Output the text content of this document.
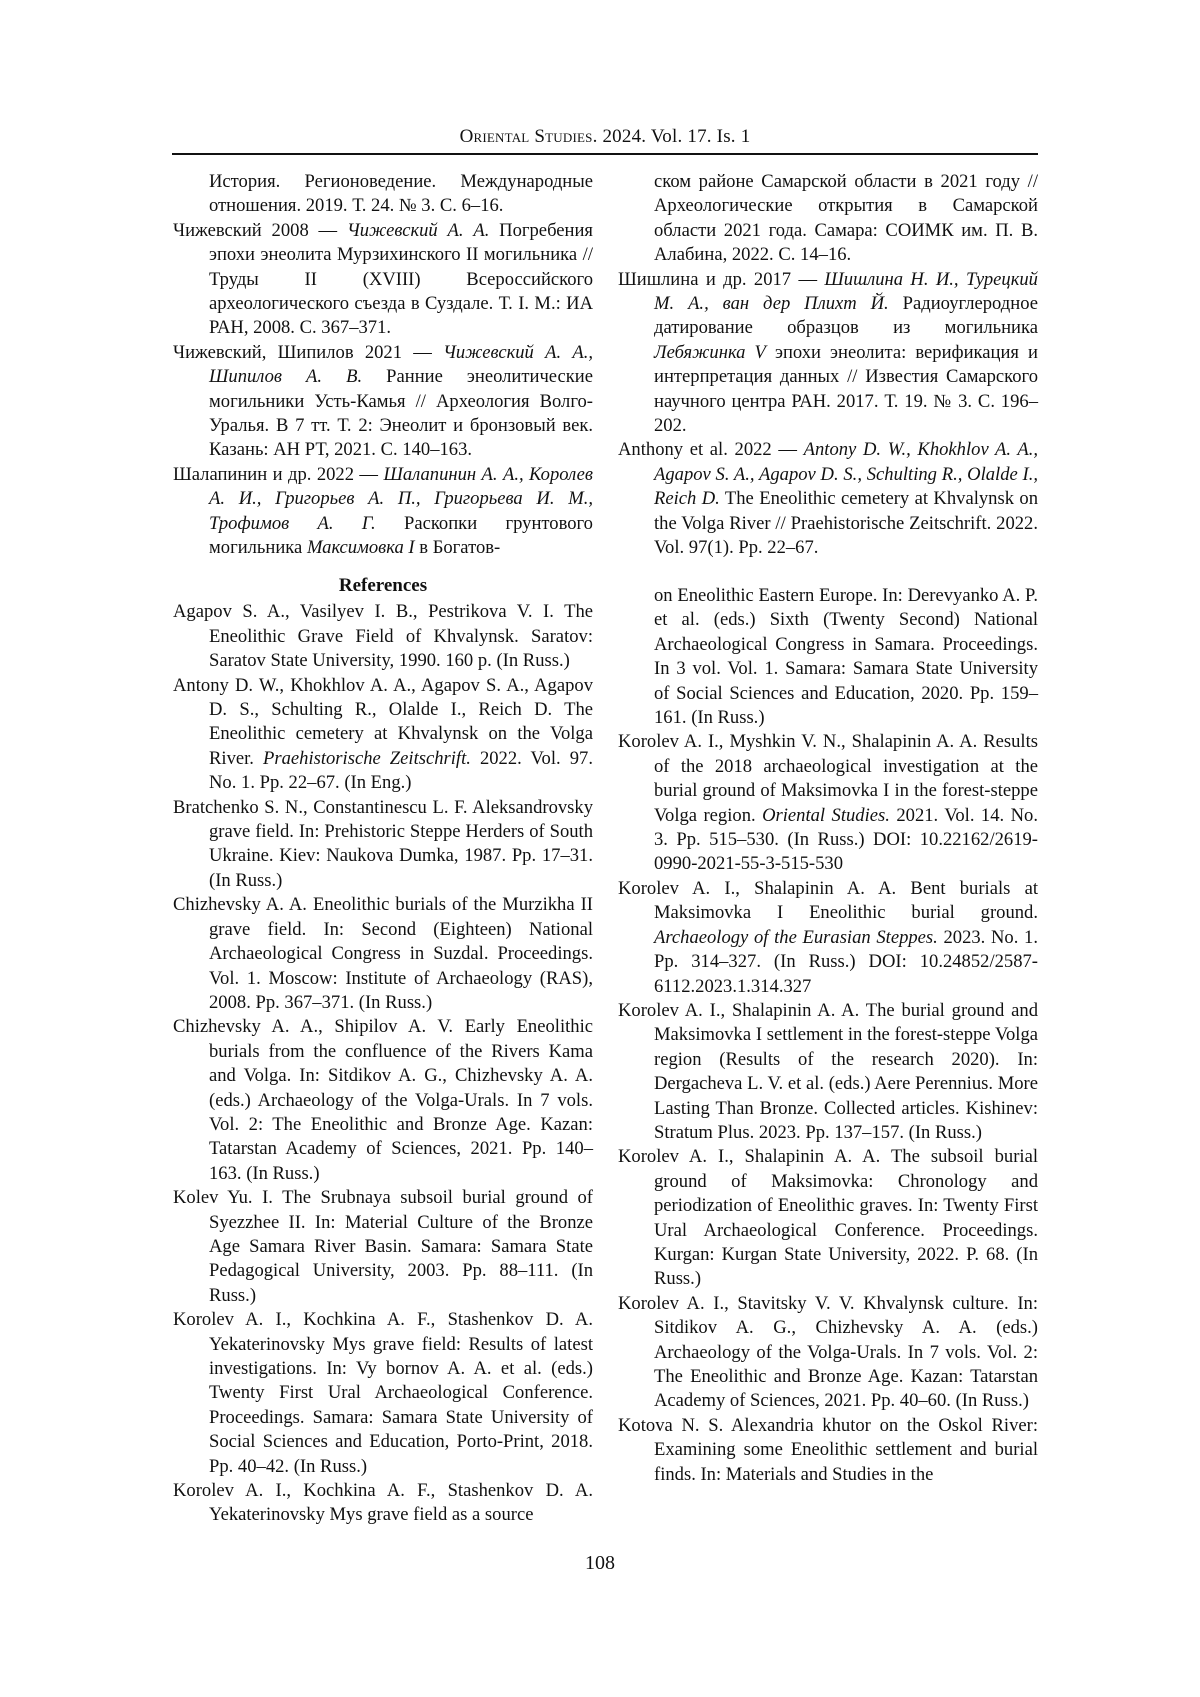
Oriental Studies. 2024. Vol. 17. Is. 1

История. Регионоведение. Международные отношения. 2019. Т. 24. № 3. С. 6–16.

Чижевский 2008 — Чижевский А. А. Погребения эпохи энеолита Мурзихинского II могильника // Труды II (XVIII) Всероссийского археологического съезда в Суздале. Т. I. М.: ИА РАН, 2008. С. 367–371.

Чижевский, Шипилов 2021 — Чижевский А. А., Шипилов А. В. Ранние энеолитические могильники Усть-Камья // Археология Волго-Уралья. В 7 тт. Т. 2: Энеолит и бронзовый век. Казань: АН РТ, 2021. С. 140–163.

Шалапинин и др. 2022 — Шалапинин А. А., Королев А. И., Григорьев А. П., Григорьева И. М., Трофимов А. Г. Раскопки грунтового могильника Максимовка I в Богатов-

ском районе Самарской области в 2021 году // Археологические открытия в Самарской области 2021 года. Самара: СОИМК им. П. В. Алабина, 2022. С. 14–16.

Шишлина и др. 2017 — Шишлина Н. И., Турецкий М. А., ван дер Плихт Й. Радиоуглеродное датирование образцов из могильника Лебяжинка V эпохи энеолита: верификация и интерпретация данных // Известия Самарского научного центра РАН. 2017. Т. 19. № 3. С. 196–202.

Anthony et al. 2022 — Antony D. W., Khokhlov A. A., Agapov S. A., Agapov D. S., Schulting R., Olalde I., Reich D. The Eneolithic cemetery at Khvalynsk on the Volga River // Praehistorische Zeitschrift. 2022. Vol. 97(1). Pp. 22–67.

References

Agapov S. A., Vasilyev I. B., Pestrikova V. I. The Eneolithic Grave Field of Khvalynsk. Saratov: Saratov State University, 1990. 160 p. (In Russ.)

Antony D. W., Khokhlov A. A., Agapov S. A., Agapov D. S., Schulting R., Olalde I., Reich D. The Eneolithic cemetery at Khvalynsk on the Volga River. Praehistorische Zeitschrift. 2022. Vol. 97. No. 1. Pp. 22–67. (In Eng.)

Bratchenko S. N., Constantinescu L. F. Aleksandrovsky grave field. In: Prehistoric Steppe Herders of South Ukraine. Kiev: Naukova Dumka, 1987. Pp. 17–31. (In Russ.)

Chizhevsky A. A. Eneolithic burials of the Murzikha II grave field. In: Second (Eighteen) National Archaeological Congress in Suzdal. Proceedings. Vol. 1. Moscow: Institute of Archaeology (RAS), 2008. Pp. 367–371. (In Russ.)

Chizhevsky A. A., Shipilov A. V. Early Eneolithic burials from the confluence of the Rivers Kama and Volga. In: Sitdikov A. G., Chizhevsky A. A. (eds.) Archaeology of the Volga-Urals. In 7 vols. Vol. 2: The Eneolithic and Bronze Age. Kazan: Tatarstan Academy of Sciences, 2021. Pp. 140–163. (In Russ.)

Kolev Yu. I. The Srubnaya subsoil burial ground of Syezzhee II. In: Material Culture of the Bronze Age Samara River Basin. Samara: Samara State Pedagogical University, 2003. Pp. 88–111. (In Russ.)

Korolev A. I., Kochkina A. F., Stashenkov D. A. Yekaterinovsky Mys grave field: Results of latest investigations. In: Vy bornov A. A. et al. (eds.) Twenty First Ural Archaeological Conference. Proceedings. Samara: Samara State University of Social Sciences and Education, Porto-Print, 2018. Pp. 40–42. (In Russ.)

Korolev A. I., Kochkina A. F., Stashenkov D. A. Yekaterinovsky Mys grave field as a source

on Eneolithic Eastern Europe. In: Derevyanko A. P. et al. (eds.) Sixth (Twenty Second) National Archaeological Congress in Samara. Proceedings. In 3 vol. Vol. 1. Samara: Samara State University of Social Sciences and Education, 2020. Pp. 159–161. (In Russ.)

Korolev A. I., Myshkin V. N., Shalapinin A. A. Results of the 2018 archaeological investigation at the burial ground of Maksimovka I in the forest-steppe Volga region. Oriental Studies. 2021. Vol. 14. No. 3. Pp. 515–530. (In Russ.) DOI: 10.22162/2619-0990-2021-55-3-515-530

Korolev A. I., Shalapinin A. A. Bent burials at Maksimovka I Eneolithic burial ground. Archaeology of the Eurasian Steppes. 2023. No. 1. Pp. 314–327. (In Russ.) DOI: 10.24852/2587-6112.2023.1.314.327

Korolev A. I., Shalapinin A. A. The burial ground and Maksimovka I settlement in the forest-steppe Volga region (Results of the research 2020). In: Dergacheva L. V. et al. (eds.) Aere Perennius. More Lasting Than Bronze. Collected articles. Kishinev: Stratum Plus. 2023. Pp. 137–157. (In Russ.)

Korolev A. I., Shalapinin A. A. The subsoil burial ground of Maksimovka: Chronology and periodization of Eneolithic graves. In: Twenty First Ural Archaeological Conference. Proceedings. Kurgan: Kurgan State University, 2022. P. 68. (In Russ.)

Korolev A. I., Stavitsky V. V. Khvalynsk culture. In: Sitdikov A. G., Chizhevsky A. A. (eds.) Archaeology of the Volga-Urals. In 7 vols. Vol. 2: The Eneolithic and Bronze Age. Kazan: Tatarstan Academy of Sciences, 2021. Pp. 40–60. (In Russ.)

Kotova N. S. Alexandria khutor on the Oskol River: Examining some Eneolithic settlement and burial finds. In: Materials and Studies in the

108
